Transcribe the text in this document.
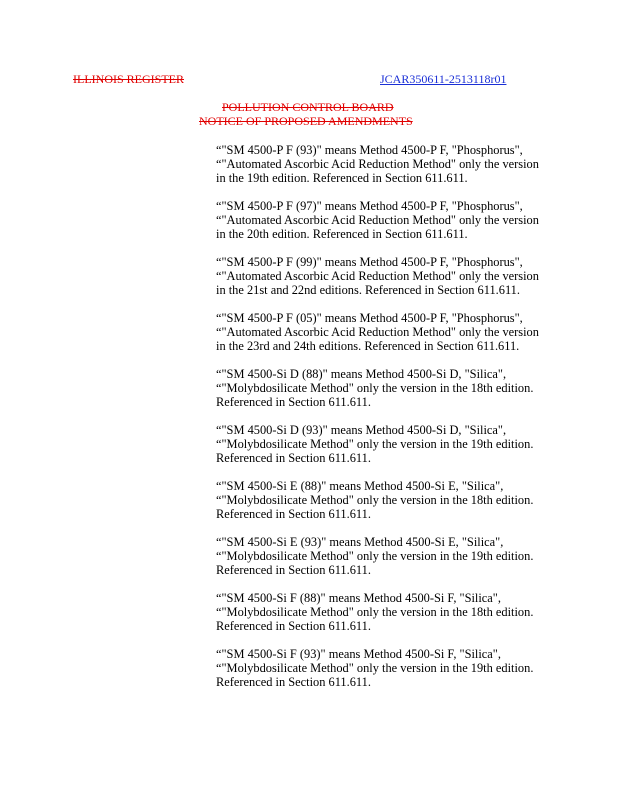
ILLINOIS REGISTER	JCAR350611-2513118r01
POLLUTION CONTROL BOARD
NOTICE OF PROPOSED AMENDMENTS
“"SM 4500-P F (93)" means Method 4500-P F, "Phosphorus",
“"Automated Ascorbic Acid Reduction Method" only the version
in the 19th edition. Referenced in Section 611.611.
“"SM 4500-P F (97)" means Method 4500-P F, "Phosphorus",
“"Automated Ascorbic Acid Reduction Method" only the version
in the 20th edition. Referenced in Section 611.611.
“"SM 4500-P F (99)" means Method 4500-P F, "Phosphorus",
“"Automated Ascorbic Acid Reduction Method" only the version
in the 21st and 22nd editions. Referenced in Section 611.611.
“"SM 4500-P F (05)" means Method 4500-P F, "Phosphorus",
“"Automated Ascorbic Acid Reduction Method" only the version
in the 23rd and 24th editions. Referenced in Section 611.611.
“"SM 4500-Si D (88)" means Method 4500-Si D, "Silica",
“"Molybdosilicate Method" only the version in the 18th edition.
Referenced in Section 611.611.
“"SM 4500-Si D (93)" means Method 4500-Si D, "Silica",
“"Molybdosilicate Method" only the version in the 19th edition.
Referenced in Section 611.611.
“"SM 4500-Si E (88)" means Method 4500-Si E, "Silica",
“"Molybdosilicate Method" only the version in the 18th edition.
Referenced in Section 611.611.
“"SM 4500-Si E (93)" means Method 4500-Si E, "Silica",
“"Molybdosilicate Method" only the version in the 19th edition.
Referenced in Section 611.611.
“"SM 4500-Si F (88)" means Method 4500-Si F, "Silica",
“"Molybdosilicate Method" only the version in the 18th edition.
Referenced in Section 611.611.
“"SM 4500-Si F (93)" means Method 4500-Si F, "Silica",
“"Molybdosilicate Method" only the version in the 19th edition.
Referenced in Section 611.611.
